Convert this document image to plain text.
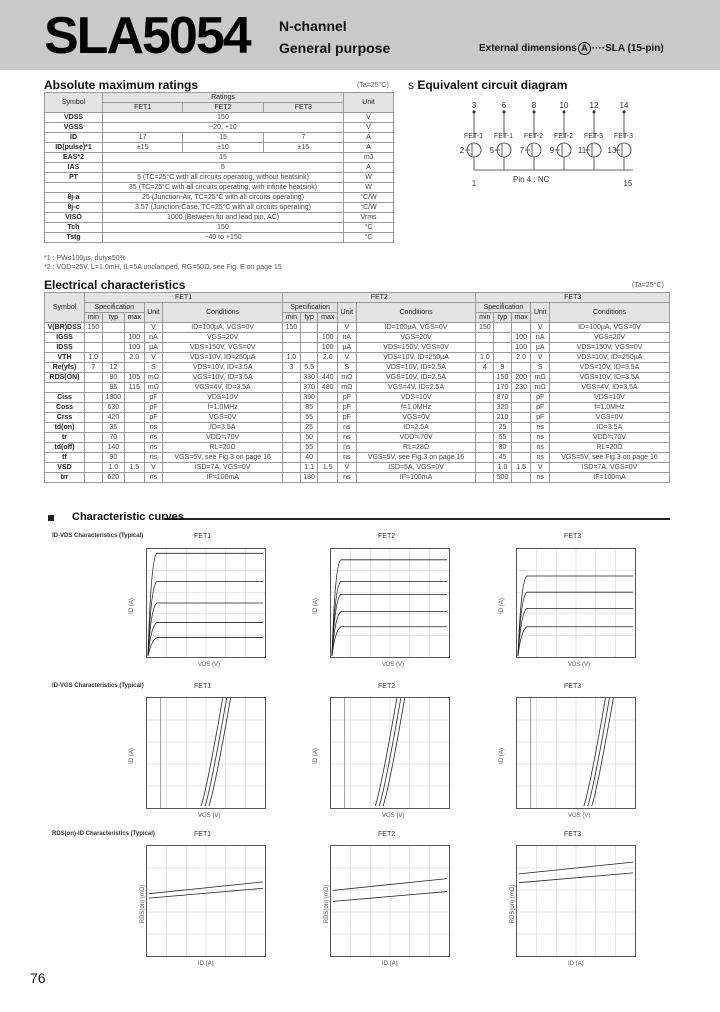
SLA5054 N-channel
General purpose	External dimensions A ····SLA (15-pin)
Absolute maximum ratings	(Ta=25°C)
Symbol	Ratings			Unit
	FET1	FET2	FET3	
VDSS	150			V
VGSS	−20, +10			V
ID	17	15	7	A
ID(pulse)*1	±15	±10	±15	A
EAS*2	15			mJ
IAS	5			A
PT	5 (TC=25°C with all circuits operating, without heatsink)			W
	35 (TC=25°C with all circuits operating, with infinite heatsink)			W
θj-a	25 (Junction-Air, TC=25°C with all circuits operating)			°C/W
θj-c	3.57 (Junction-Case, TC=25°C with all circuits operating)			°C/W
VISO	1000 (Between fin and lead pin, AC)			Vrms
Tch	150			°C
Tstg	−40 to +150			°C
*1 : PW≤100µs, duty≤50%
*2 : VDD=25V, L=1.0mH, IL=5A unclamped, RG=50Ω, see Fig. E on page 15
s Equivalent circuit diagram
3	6	8	10	12	14
FET-1
2
FET-1
5
FET-2
7
FET-2
9
FET-3
11
FET-3
13
1	15
Pin 4 : NC
Electrical characteristics	(Ta=25°C)
Symbol	FET1					FET2					FET3				
	Specification			Unit	Conditions	Specification			Unit	Conditions	Specification			Unit	Conditions
	min	typ	max			min	typ	max			min	typ	max		
V(BR)DSS	150			V	ID=100µA, VGS=0V	150			V	ID=100µA, VGS=0V	150			V	ID=100µA, VGS=0V
IGSS			100	nA	VGS=20V			100	nA	VGS=20V			100	nA	VGS=20V
IDSS			100	µA	VDS=150V, VGS=0V			100	µA	VDS=150V, VGS=0V			100	µA	VDS=150V, VGS=0V
VTH	1.0		2.0	V	VDS=10V, ID=250µA	1.0		2.0	V	VDS=10V, ID=250µA	1.0		2.0	V	VDS=10V, ID=250µA
Re(yfs)	7	12		S	VDS=10V, ID=3.5A	3	5.5		S	VDS=10V, ID=2.5A	4	9		S	VDS=10V, ID=3.5A
RDS(ON)		80	105	mΩ	VGS=10V, ID=3.5A		330	440	mΩ	VGS=10V, ID=2.5A		150	200	mΩ	VGS=10V, ID=3.5A
		85	115	mΩ	VGS=4V, ID=3.5A		370	480	mΩ	VGS=4V, ID=2.5A		170	230	mΩ	VGS=4V, ID=3.5A
Ciss		1900		pF	VDS=10V		390		pF	VDS=10V		870		pF	VDS=10V
Coss		630		pF	f=1.0MHz		85		pF	f=1.0MHz		320		pF	f=1.0MHz
Crss		420		pF	VGS=0V		55		pF	VGS=0V		210		pF	VGS=0V
td(on)		35		ns	ID=3.5A		25		ns	ID=2.5A		25		ns	ID=3.5A
tr		70		ns	VDD≒70V		50		ns	VDD≒70V		55		ns	VDD≒70V
td(off)		140		ns	RL=20Ω		55		ns	RL=28Ω		80		ns	RL=20Ω
tf		90		ns	VGS=5V, see Fig.3 on page 16		40		ns	VGS=5V, see Fig.3 on page 16		45		ns	VGS=5V, see Fig.3 on page 16
VSD		1.0	1.5	V	ISD=7A, VGS=0V		1.1	1.5	V	ISD=5A, VGS=0V		1.0	1.5	V	ISD=7A, VGS=0V
trr		620		ns	IF=100mA		180		ns	IF=100mA		500		ns	IF=100mA
Characteristic curves
ID-VDS Characteristics (Typical)
ID-VGS Characteristics (Typical)
RDS(on)-ID Characteristics (Typical)
FET1
VDS (V)
ID (A)
FET2
VDS (V)
ID (A)
FET3
VDS (V)
ID (A)
FET1
VGS (V)
ID (A)
FET2
VGS (V)
ID (A)
FET3
VGS (V)
ID (A)
FET1
ID (A)
RDS(on) (mΩ)
FET2
ID (A)
RDS(on) (mΩ)
FET3
ID (A)
RDS(on) (mΩ)
76
